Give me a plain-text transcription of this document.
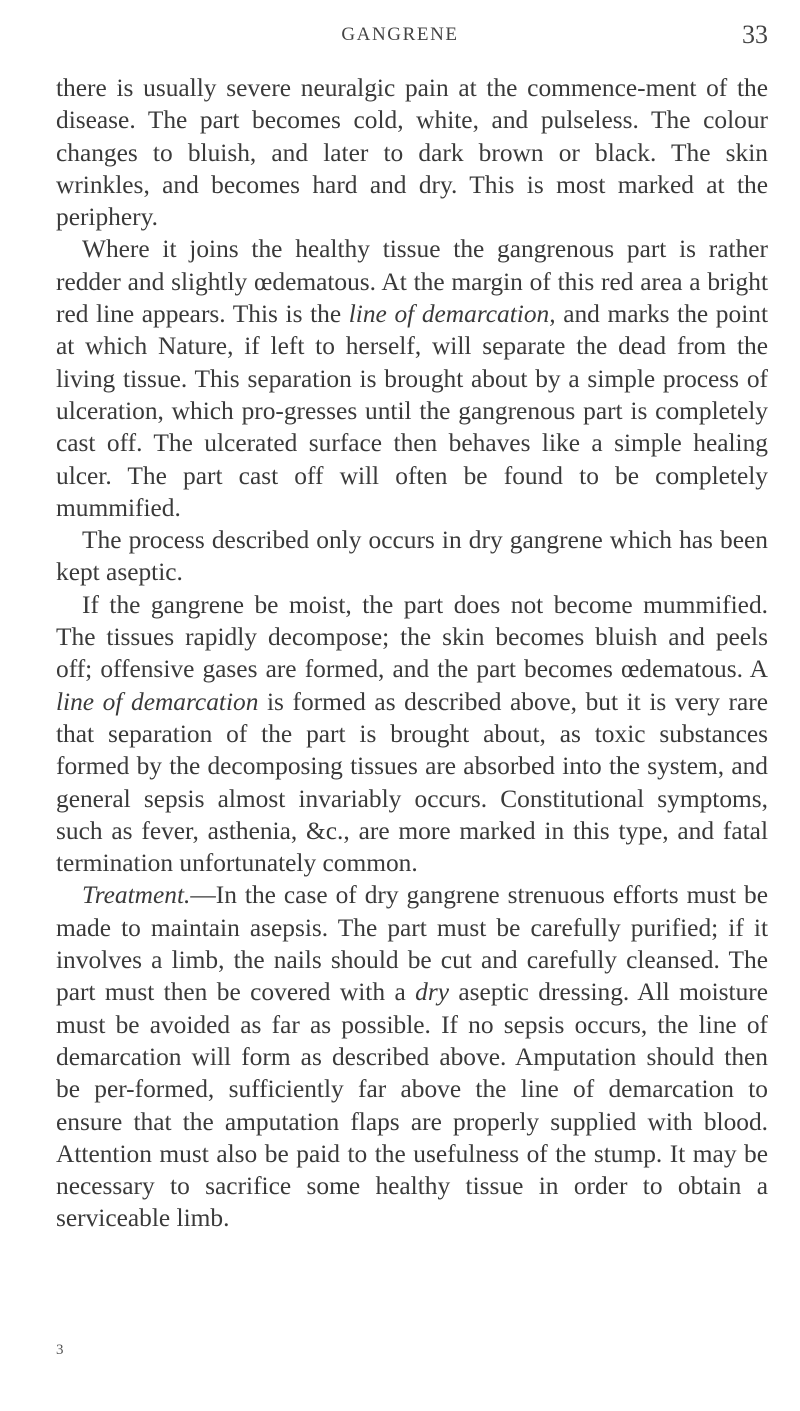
GANGRENE	33

there is usually severe neuralgic pain at the commence-ment of the disease. The part becomes cold, white, and pulseless. The colour changes to bluish, and later to dark brown or black. The skin wrinkles, and becomes hard and dry. This is most marked at the periphery.

Where it joins the healthy tissue the gangrenous part is rather redder and slightly œdematous. At the margin of this red area a bright red line appears. This is the line of demarcation, and marks the point at which Nature, if left to herself, will separate the dead from the living tissue. This separation is brought about by a simple process of ulceration, which pro-gresses until the gangrenous part is completely cast off. The ulcerated surface then behaves like a simple healing ulcer. The part cast off will often be found to be completely mummified.

The process described only occurs in dry gangrene which has been kept aseptic.

If the gangrene be moist, the part does not become mummified. The tissues rapidly decompose; the skin becomes bluish and peels off; offensive gases are formed, and the part becomes œdematous. A line of demarcation is formed as described above, but it is very rare that separation of the part is brought about, as toxic substances formed by the decomposing tissues are absorbed into the system, and general sepsis almost invariably occurs. Constitutional symptoms, such as fever, asthenia, &c., are more marked in this type, and fatal termination unfortunately common.

Treatment.—In the case of dry gangrene strenuous efforts must be made to maintain asepsis. The part must be carefully purified; if it involves a limb, the nails should be cut and carefully cleansed. The part must then be covered with a dry aseptic dressing. All moisture must be avoided as far as possible. If no sepsis occurs, the line of demarcation will form as described above. Amputation should then be per-formed, sufficiently far above the line of demarcation to ensure that the amputation flaps are properly supplied with blood. Attention must also be paid to the usefulness of the stump. It may be necessary to sacrifice some healthy tissue in order to obtain a serviceable limb.

3
